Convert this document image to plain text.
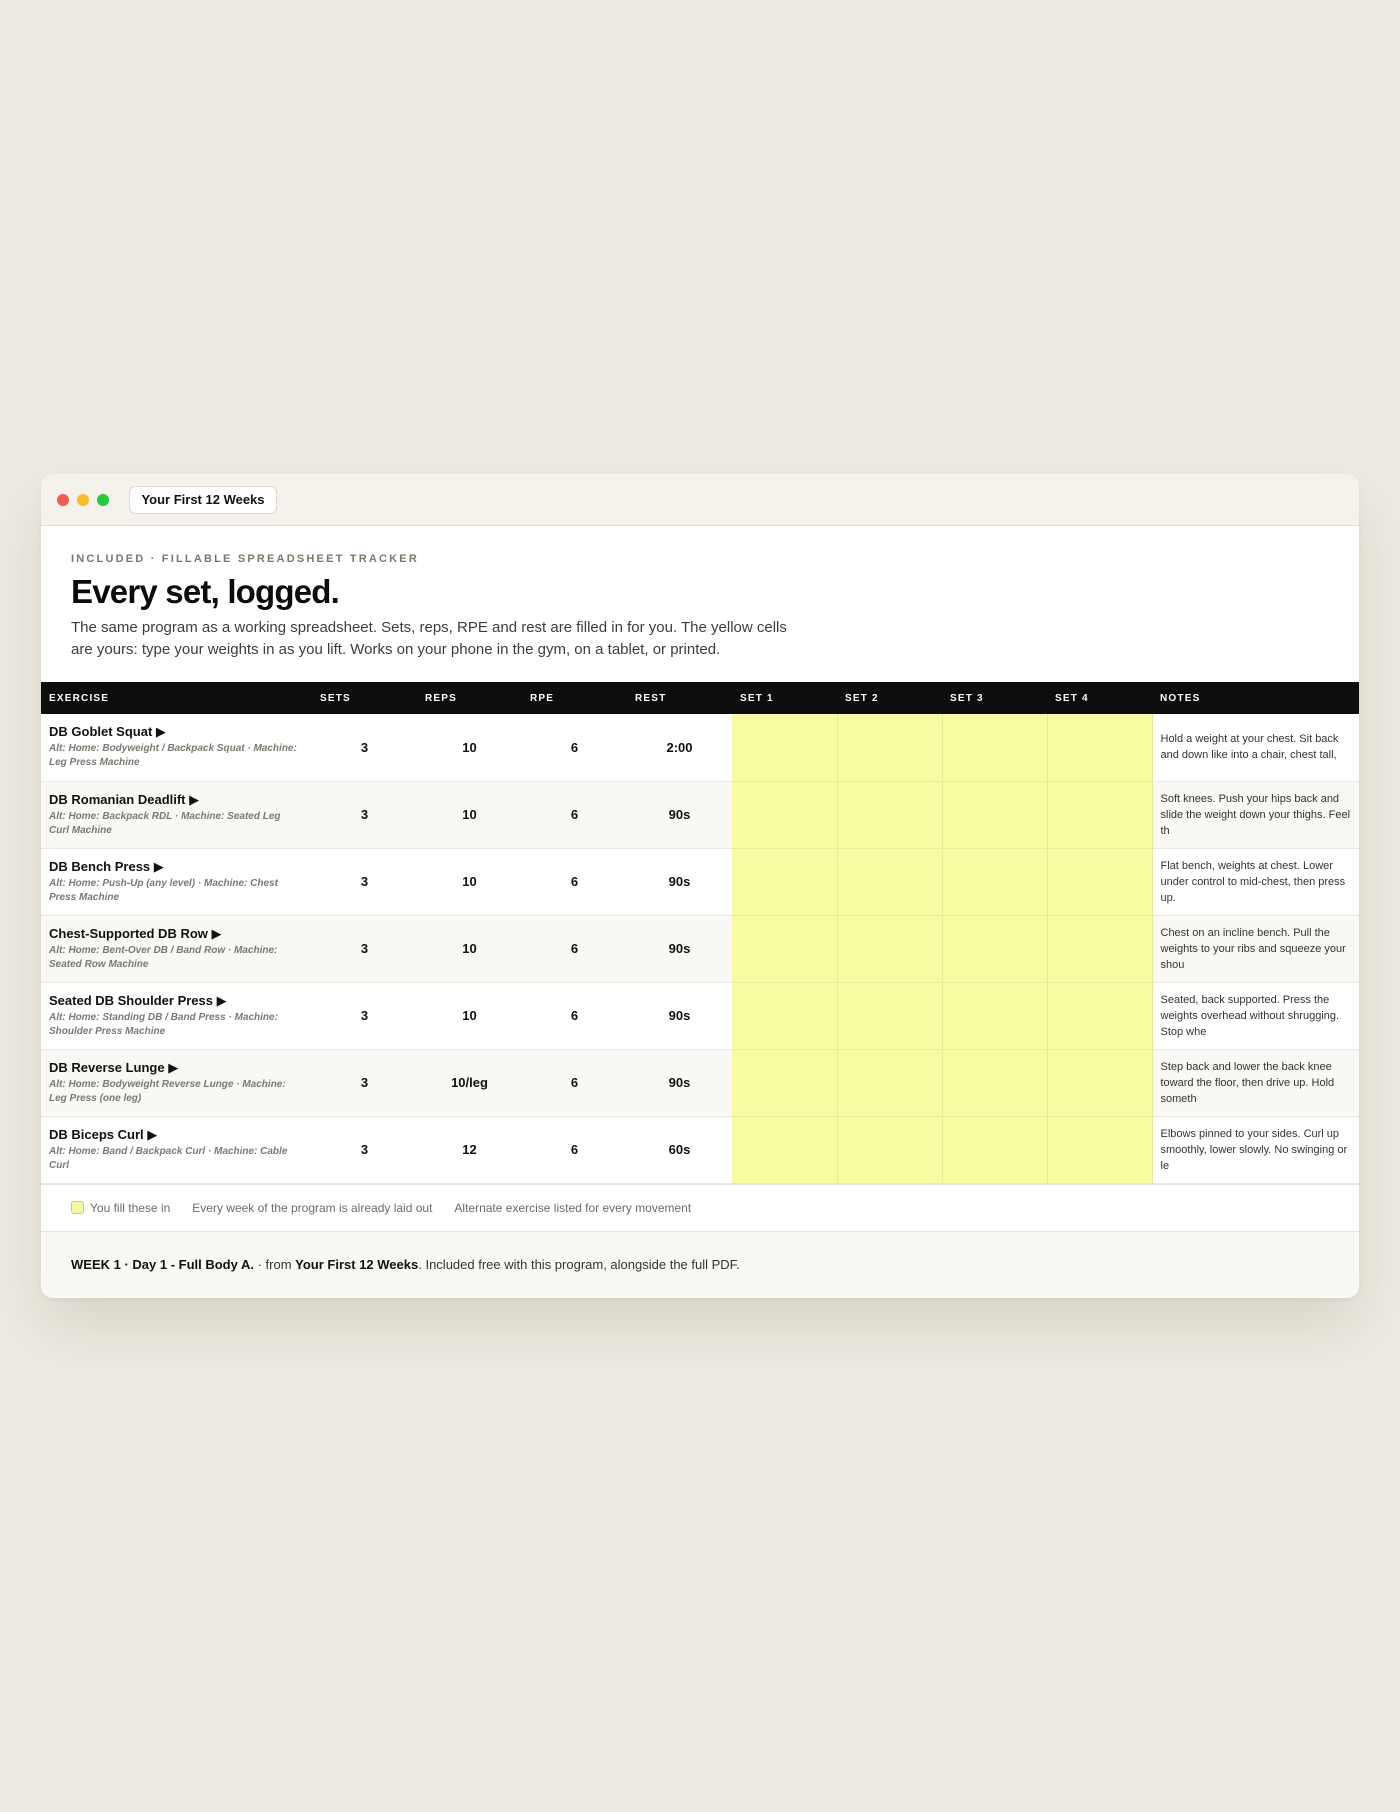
Your First 12 Weeks
INCLUDED · FILLABLE SPREADSHEET TRACKER
Every set, logged.
The same program as a working spreadsheet. Sets, reps, RPE and rest are filled in for you. The yellow cells are yours: type your weights in as you lift. Works on your phone in the gym, on a tablet, or printed.
EXERCISE	SETS	REPS	RPE	REST	SET 1	SET 2	SET 3	SET 4	NOTES

DB Goblet Squat ▶
Alt: Home: Bodyweight / Backpack Squat · Machine: Leg Press Machine	3	10	6	2:00					Hold a weight at your chest. Sit back and down like into a chair, chest tall,

DB Romanian Deadlift ▶
Alt: Home: Backpack RDL · Machine: Seated Leg Curl Machine	3	10	6	90s					Soft knees. Push your hips back and slide the weight down your thighs. Feel th

DB Bench Press ▶
Alt: Home: Push-Up (any level) · Machine: Chest Press Machine	3	10	6	90s					Flat bench, weights at chest. Lower under control to mid-chest, then press up.

Chest-Supported DB Row ▶
Alt: Home: Bent-Over DB / Band Row · Machine: Seated Row Machine	3	10	6	90s					Chest on an incline bench. Pull the weights to your ribs and squeeze your shou

Seated DB Shoulder Press ▶
Alt: Home: Standing DB / Band Press · Machine: Shoulder Press Machine	3	10	6	90s					Seated, back supported. Press the weights overhead without shrugging. Stop whe

DB Reverse Lunge ▶
Alt: Home: Bodyweight Reverse Lunge · Machine: Leg Press (one leg)	3	10/leg	6	90s					Step back and lower the back knee toward the floor, then drive up. Hold someth

DB Biceps Curl ▶
Alt: Home: Band / Backpack Curl · Machine: Cable Curl	3	12	6	60s					Elbows pinned to your sides. Curl up smoothly, lower slowly. No swinging or le
You fill these in Every week of the program is already laid out Alternate exercise listed for every movement
WEEK 1 · Day 1 - Full Body A. · from Your First 12 Weeks . Included free with this program, alongside the full PDF.
